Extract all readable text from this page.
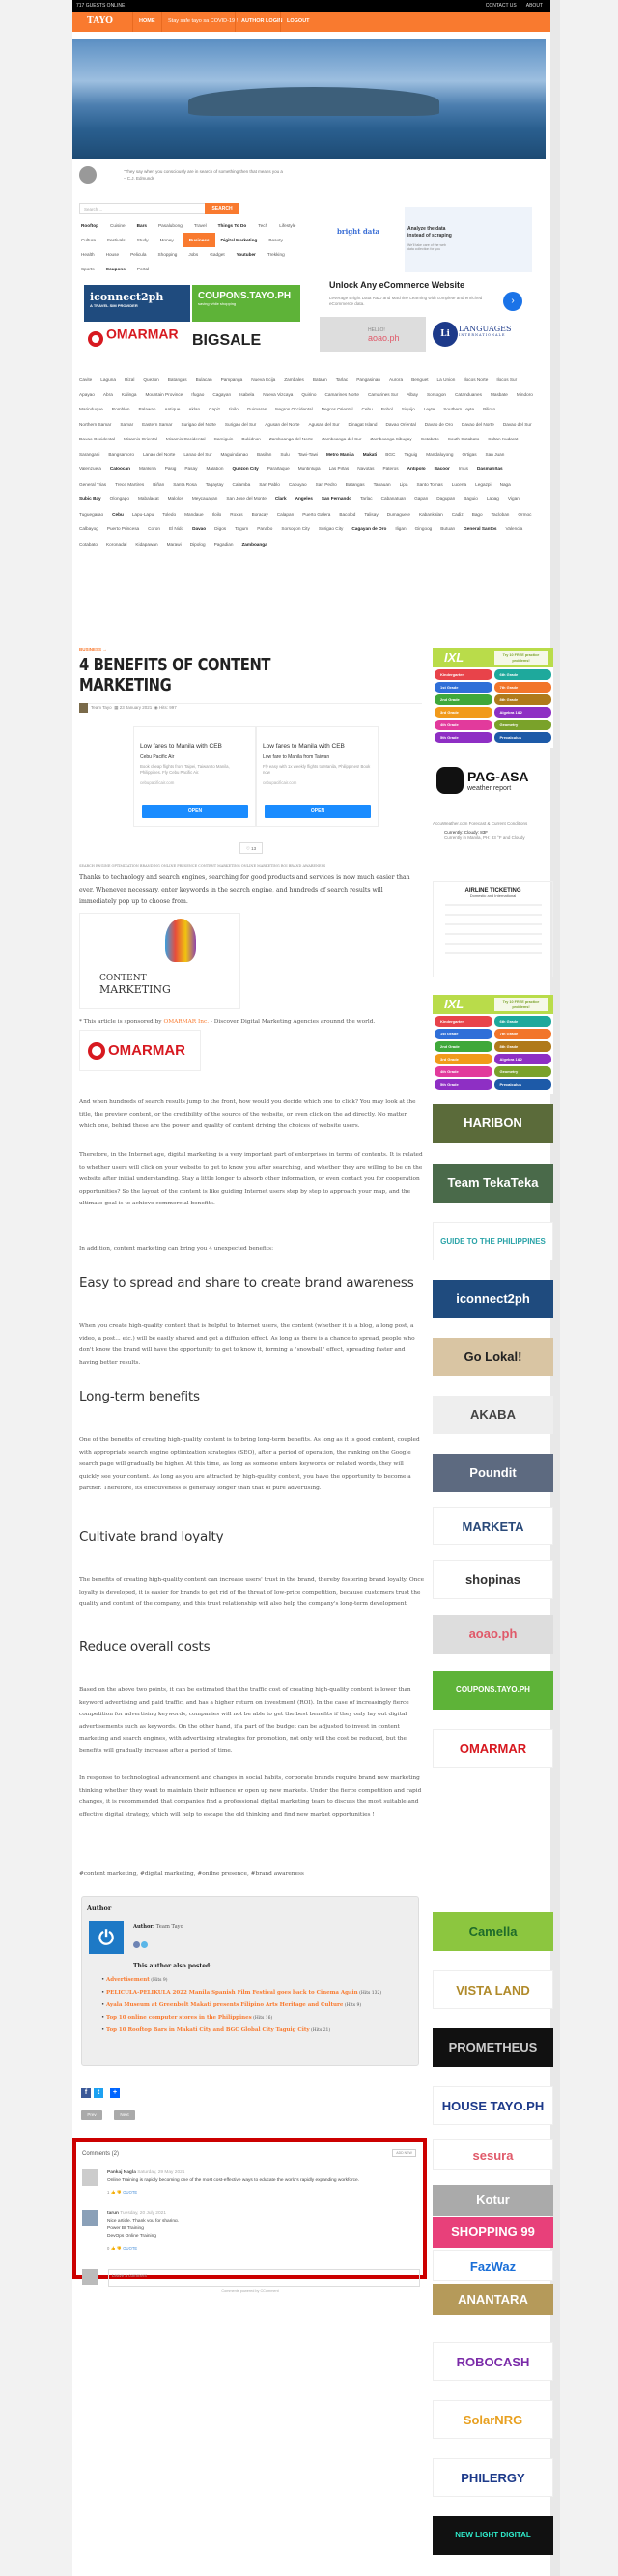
717 GUESTS ONLINE	CONTACT US ABOUT
TAYO	HOME	Stay safe tayo sa COVID-19 ! AUTHOR LOGIN LOGOUT
"They say when you consciously are in search of something then that means you a
– C.J. Edmunds
Search ...	SEARCH
Rooftop	Cuisine	Bars	Pasalubong	Travel	Things To Do	Tech	LifestyleCulture	Festivals	Study	Money	Business	Digital Marketing	BeautyHealth	House	Pelicula	Shopping	Jobs	Gadget	Youtuber	TrekkingSports	Coupons	Portal
iconnect2ph
A TRAVEL SIM PROVIDER
COUPONS.TAYO.PH
saving while shopping
OMARMAR BIGSALE
bright data	Analyze the data instead of scraping
We'll take care of the web data collection for you
Unlock Any eCommerce Website
Leverage Bright Data R&D and Machine Learning with complete and enriched eCommerce data.	›
HELLO!
aoao.ph	Li
LANGUAGES
INTERNATIONALE
Cavite Laguna Rizal Quezon Batangas Bulacan Pampanga Nueva Ecija Zambales Bataan Tarlac Pangasinan Aurora Benguet La Union Ilocos Norte Ilocos SurApayao Abra Kalinga Mountain Province Ifugao Cagayan Isabela Nueva Vizcaya Quirino Camarines Norte Camarines Sur Albay Sorsogon Catanduanes Masbate MindoroMarinduque Romblon Palawan Antique Aklan Capiz Iloilo Guimaras Negros Occidental Negros Oriental Cebu Bohol Siquijo Leyte Southern Leyte BiliranNorthern Samar Samar Eastern Samar Surigao del Norte Surigao del Sur Agusan del Norte Agusan del Sur Dinagat Island Davao Oriental Davao de Oro Davao del Norte Davao del SurDavao Occidental Misamis Oriental Misamis Occidental Camiguin Bukidnon Zamboanga del Norte Zamboanga del Sur Zamboanga Sibugay Cotabato South Cotabato Sultan KudaratSarangani Bangsamoro Lanao del Norte Lanao del Sur Maguindanao Basilan Sulu Tawi-Tawi Metro Manila Makati BGC Taguig Mandaluyong Ortigas San JuanValenzuela Caloocan Marikina Pasig Pasay Malabon Quezon City Parañaque Muntinlupa Las Piñas Navotas Pateros Antipolo Bacoor Imus DasmariñasGeneral Trias Trece Martires Biñan Santa Rosa Tagaytay Calamba San Pablo Cabuyao San Pedro Batangas Tanauan Lipa Santo Tomas Lucena Legazpi NagaSubic Bay Olongapo Mabalacat Malolos Meycauayan San Jose del Monte Clark Angeles San Fernando Tarlac Cabanatuan Gapan Dagupan Baguio Laoag ViganTuguegarao Cebu Lapu-Lapu Toledo Mandaue Iloilo Roxas Boracay Calapan Puerto Galera Bacolod Talisay Dumaguete Kabankalan Cadiz Bago Tacloban OrmocCalbayog Puerto Princesa Coron El Nido Davao Digos Tagum Panabo Sorsogon City Surigao City Cagayan de Oro Iligan Gingoog Butuan General Santos ValenciaCotabato Koronadal Kidapawan Marawi Dipolog Pagadian Zamboanga
BUSINESS →
4 BENEFITS OF CONTENT MARKETING
Team Tayo ▦ 23 January 2021 ◉ Hits: 997
Low fares to Manila with CEB
Cebu Pacific Air
Book cheap flights from Taipei, Taiwan to Manila, Philippines. Fly Cebu Pacific Air.
cebupacificair.com
OPEN
Low fares to Manila with CEB
Low fare to Manila from Taiwan
Fly easy with 1x weekly flights to Manila, Philippines! Book now
cebupacificair.com
OPEN
♡ 13
SEARCH ENGINE OPTIMIZATION BRANDING ONLINE PRESENCE CONTENT MARKETING ONLINE MARKETING ROI BRAND AWARENESS
Thanks to technology and search engines, searching for good products and services is now much easier than ever. Whenever necessary, enter keywords in the search engine, and hundreds of search results will immediately pop up to choose from.
CONTENT
MARKETING
* This article is sponsored by OMARMAR Inc. - Discover Digital Marketing Agencies arounnd the world.
OMARMAR
And when hundreds of search results jump to the front, how would you decide which one to click? You may look at the title, the preview content, or the credibility of the source of the website, or even click on the ad directly. No matter which one, behind these are the power and quality of content driving the choices of website users.
Therefore, in the Internet age, digital marketing is a very important part of enterprises in terms of contents. It is related to whether users will click on your website to get to know you after searching, and whether they are willing to be on the website after initial understanding. Stay a little longer to absorb other information, or even contact you for cooperation opportunities? So the layout of the content is like guiding Internet users step by step to approach your map, and the ultimate goal is to achieve commercial benefits.
In addition, content marketing can bring you 4 unexpected benefits:
Easy to spread and share to create brand awareness
When you create high-quality content that is helpful to Internet users, the content (whether it is a blog, a long post, a video, a post... etc.) will be easily shared and get a diffusion effect. As long as there is a chance to spread, people who don't know the brand will have the opportunity to get to know it, forming a "snowball" effect, spreading faster and having better results.
Long-term benefits
One of the benefits of creating high-quality content is to bring long-term benefits. As long as it is good content, coupled with appropriate search engine optimization strategies (SEO), after a period of operation, the ranking on the Google search page will gradually be higher. At this time, as long as someone enters keywords or related words, they will quickly see your content. As long as you are attracted by high-quality content, you have the opportunity to become a partner. Therefore, its effectiveness is generally longer than that of pure advertising.
Cultivate brand loyalty
The benefits of creating high-quality content can increase users' trust in the brand, thereby fostering brand loyalty. Once loyalty is developed, it is easier for brands to get rid of the threat of low-price competition, because customers trust the quality and content of the company, and this trust relationship will also help the company's long-term development.
Reduce overall costs
Based on the above two points, it can be estimated that the traffic cost of creating high-quality content is lower than keyword advertising and paid traffic, and has a higher return on investment (ROI). In the case of increasingly fierce competition for advertising keywords, companies will not be able to get the best benefits if they only lay out digital advertisements such as keywords. On the other hand, if a part of the budget can be adjusted to invest in content marketing and search engines, with advertising strategies for promotion, not only will the cost be reduced, but the benefits will gradually increase after a period of time.
In response to technological advancement and changes in social habits, corporate brands require brand new marketing thinking whether they want to maintain their influence or open up new markets. Under the fierce competition and rapid changes, it is recommended that companies find a professional digital marketing team to discuss the most suitable and effective digital strategy, which will help to escape the old thinking and find new market opportunities !
#content marketing, #digital marketing, #onilne presence, #brand awareness
Author
⏻	Author: Team Tayo
This author also posted:
• Advertisement (Hits 9)
• PELICULA-PELIKULA 2022 Manila Spanish Film Festival goes back to Cinema Again (Hits 132)
• Ayala Museum at Greenbelt Makati presents Filipino Arts Heritage and Culture (Hits 9)
• Top 10 online computer stores in the Philippines (Hits 16)
• Top 10 Rooftop Bars in Makati City and BGC Global City Taguig City (Hits 21)
f t +
Prev	Next
Comments (2)	ADD NEW
Pankaj Nagla Saturday, 29 May 2021
Online Training is rapidly becoming one of the most cost-effective ways to educate the world's rapidly expanding workforce.
1 👍 👎 QUOTE
tarun Tuesday, 20 July 2021
Nice article. Thank you for sharing.
Power BI Training
DevOps Online Training
0 👍 👎 QUOTE
Leave a comment
Comments powered by CComment
IXL	Try 10 FREE practice problems!
Kindergarten	6th Grade
1st Grade	7th Grade
2nd Grade	8th Grade
3rd Grade	Algebra 1&2
4th Grade	Geometry
5th Grade	Precalculus
PAG-ASA
weather report
AccuWeather.com Forecast & Current Conditions
Currently: Cloudy: 83F
Currently in Manila, PH: 83 °F and Cloudy
AIRLINE TICKETING
Domestic and International
IXL	Try 10 FREE practice problems!
Kindergarten	6th Grade
1st Grade	7th Grade
2nd Grade	8th Grade
3rd Grade	Algebra 1&2
4th Grade	Geometry
5th Grade	Precalculus
HARIBON
Team TekaTeka
GUIDE TO THE PHILIPPINES
iconnect2ph
Go Lokal!
AKABA
Poundit
MARKETA
shopinas
aoao.ph
COUPONS.TAYO.PH
OMARMAR
Camella
VISTA LAND
PROMETHEUS
HOUSE TAYO.PH
sesura
Kotur
SHOPPING 99
FazWaz
ANANTARA
ROBOCASH
SolarNRG
PHILERGY
NEW LIGHT DIGITAL
